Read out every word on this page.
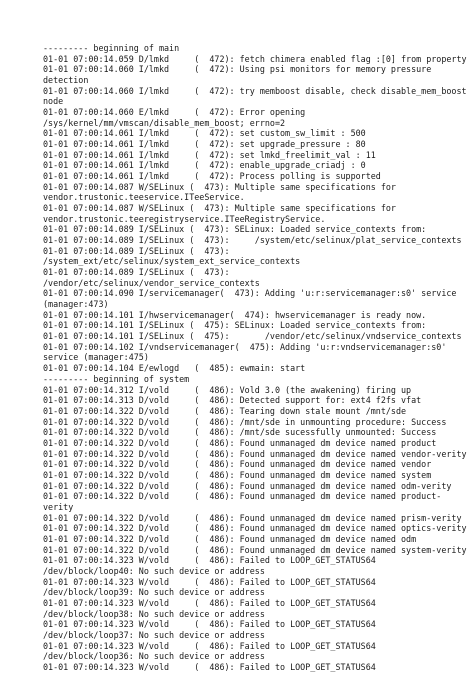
--------- beginning of main
01-01 07:00:14.059 D/lmkd     (  472): fetch chimera enabled flag :[0] from property
01-01 07:00:14.060 I/lmkd     (  472): Using psi monitors for memory pressure
detection
01-01 07:00:14.060 I/lmkd     (  472): try memboost disable, check disable_mem_boost
node
01-01 07:00:14.060 E/lmkd     (  472): Error opening
/sys/kernel/mm/vmscan/disable_mem_boost; errno=2
01-01 07:00:14.061 I/lmkd     (  472): set custom_sw_limit : 500
01-01 07:00:14.061 I/lmkd     (  472): set upgrade_pressure : 80
01-01 07:00:14.061 I/lmkd     (  472): set lmkd_freelimit_val : 11
01-01 07:00:14.061 I/lmkd     (  472): enable_upgrade_criadj : 0
01-01 07:00:14.061 I/lmkd     (  472): Process polling is supported
01-01 07:00:14.087 W/SELinux (  473): Multiple same specifications for
vendor.trustonic.teeservice.ITeeService.
01-01 07:00:14.087 W/SELinux (  473): Multiple same specifications for
vendor.trustonic.teeregistryservice.ITeeRegistryService.
01-01 07:00:14.089 I/SELinux (  473): SELinux: Loaded service_contexts from:
01-01 07:00:14.089 I/SELinux (  473):     /system/etc/selinux/plat_service_contexts
01-01 07:00:14.089 I/SELinux (  473):
/system_ext/etc/selinux/system_ext_service_contexts
01-01 07:00:14.089 I/SELinux (  473):
/vendor/etc/selinux/vendor_service_contexts
01-01 07:00:14.090 I/servicemanager(  473): Adding 'u:r:servicemanager:s0' service
(manager:473)
01-01 07:00:14.101 I/hwservicemanager(  474): hwservicemanager is ready now.
01-01 07:00:14.101 I/SELinux (  475): SELinux: Loaded service_contexts from:
01-01 07:00:14.101 I/SELinux (  475):       /vendor/etc/selinux/vndservice_contexts
01-01 07:00:14.102 I/vndservicemanager(  475): Adding 'u:r:vndservicemanager:s0'
service (manager:475)
01-01 07:00:14.104 E/ewlogd   (  485): ewmain: start
--------- beginning of system
01-01 07:00:14.312 I/vold     (  486): Vold 3.0 (the awakening) firing up
01-01 07:00:14.313 D/vold     (  486): Detected support for: ext4 f2fs vfat
01-01 07:00:14.322 D/vold     (  486): Tearing down stale mount /mnt/sde
01-01 07:00:14.322 D/vold     (  486): /mnt/sde in unmounting procedure: Success
01-01 07:00:14.322 D/vold     (  486): /mnt/sde sucessfully unmounted: Success
01-01 07:00:14.322 D/vold     (  486): Found unmanaged dm device named product
01-01 07:00:14.322 D/vold     (  486): Found unmanaged dm device named vendor-verity
01-01 07:00:14.322 D/vold     (  486): Found unmanaged dm device named vendor
01-01 07:00:14.322 D/vold     (  486): Found unmanaged dm device named system
01-01 07:00:14.322 D/vold     (  486): Found unmanaged dm device named odm-verity
01-01 07:00:14.322 D/vold     (  486): Found unmanaged dm device named product-
verity
01-01 07:00:14.322 D/vold     (  486): Found unmanaged dm device named prism-verity
01-01 07:00:14.322 D/vold     (  486): Found unmanaged dm device named optics-verity
01-01 07:00:14.322 D/vold     (  486): Found unmanaged dm device named odm
01-01 07:00:14.322 D/vold     (  486): Found unmanaged dm device named system-verity
01-01 07:00:14.323 W/vold     (  486): Failed to LOOP_GET_STATUS64
/dev/block/loop40: No such device or address
01-01 07:00:14.323 W/vold     (  486): Failed to LOOP_GET_STATUS64
/dev/block/loop39: No such device or address
01-01 07:00:14.323 W/vold     (  486): Failed to LOOP_GET_STATUS64
/dev/block/loop38: No such device or address
01-01 07:00:14.323 W/vold     (  486): Failed to LOOP_GET_STATUS64
/dev/block/loop37: No such device or address
01-01 07:00:14.323 W/vold     (  486): Failed to LOOP_GET_STATUS64
/dev/block/loop36: No such device or address
01-01 07:00:14.323 W/vold     (  486): Failed to LOOP_GET_STATUS64
